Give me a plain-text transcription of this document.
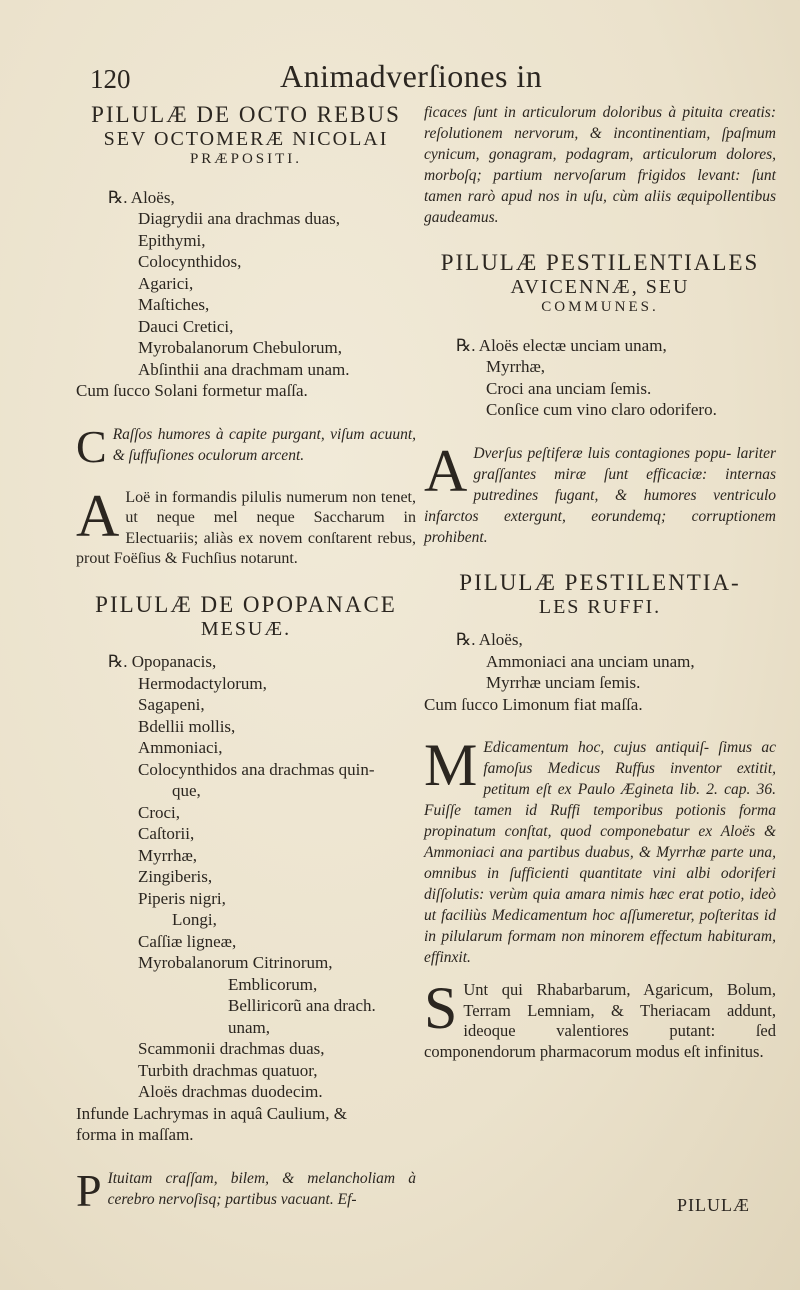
120	Animadverſiones in

PILULÆ DE OCTO REBUS

SEV OCTOMERÆ NICOLAI

PRÆPOSITI.

℞. Aloës,
Diagrydii ana drachmas duas,
Epithymi,
Colocynthidos,
Agarici,
Maſtiches,
Dauci Cretici,
Myrobalanorum Chebulorum,
Abſinthii ana drachmam unam.
Cum ſucco Solani formetur maſſa.
C Raſſos humores à capite purgant, viſum acuunt, & ſuffuſiones oculorum arcent.
A Loë in formandis pilulis numerum non tenet, ut neque mel neque Saccharum in Electuariis; aliàs ex novem conſtarent rebus, prout Foëſius & Fuchſius notarunt.

PILULÆ DE OPOPANACE

MESUÆ.

℞. Opopanacis,
Hermodactylorum,
Sagapeni,
Bdellii mollis,
Ammoniaci,
Colocynthidos ana drachmas quin-
que,
Croci,
Caſtorii,
Myrrhæ,
Zingiberis,
Piperis nigri,
Longi,
Caſſiæ ligneæ,
Myrobalanorum Citrinorum,
Emblicorum,
Belliricorũ ana drach.
unam,
Scammonii drachmas duas,
Turbith drachmas quatuor,
Aloës drachmas duodecim.
Infunde Lachrymas in aquâ Caulium, &
forma in maſſam.
P Ituitam craſſam, bilem, & melancholiam à cerebro nervoſisq; partibus vacuant. Ef-
ficaces ſunt in articulorum doloribus à pituita creatis: reſolutionem nervorum, & incontinentiam, ſpaſmum cynicum, gonagram, podagram, articulorum dolores, morboſq; partium nervoſarum frigidos levant: ſunt tamen rarò apud nos in uſu, cùm aliis æquipollentibus gaudeamus.

PILULÆ PESTILENTIALES

AVICENNÆ, SEU

COMMUNES.

℞. Aloës electæ unciam unam,
Myrrhæ,
Croci ana unciam ſemis.
Conſice cum vino claro odorifero.
A Dverſus peſtiferæ luis contagiones popu- lariter graſſantes miræ ſunt efficaciæ: internas putredines fugant, & humores ventriculo infarctos extergunt, eorundemq; corruptionem prohibent.

PILULÆ PESTILENTIA-

LES RUFFI.

℞. Aloës,
Ammoniaci ana unciam unam,
Myrrhæ unciam ſemis.
Cum ſucco Limonum fiat maſſa.
M Edicamentum hoc, cujus antiquiſ- ſimus ac famoſus Medicus Ruffus inventor extitit, petitum eſt ex Paulo Ægineta lib. 2. cap. 36. Fuiſſe tamen id Ruffi temporibus potionis forma propinatum conſtat, quod componebatur ex Aloës & Ammoniaci ana partibus duabus, & Myrrhæ parte una, omnibus in ſufficienti quantitate vini albi odoriferi diſſolutis: verùm quia amara nimis hæc erat potio, ideò ut faciliùs Medicamentum hoc aſſumeretur, poſteritas id in pilularum formam non minorem effectum habituram, effinxit.
S Unt qui Rhabarbarum, Agaricum, Bolum, Terram Lemniam, & Theriacam addunt, ideoque valentiores putant: ſed componendorum pharmacorum modus eſt infinitus.
PILULÆ
